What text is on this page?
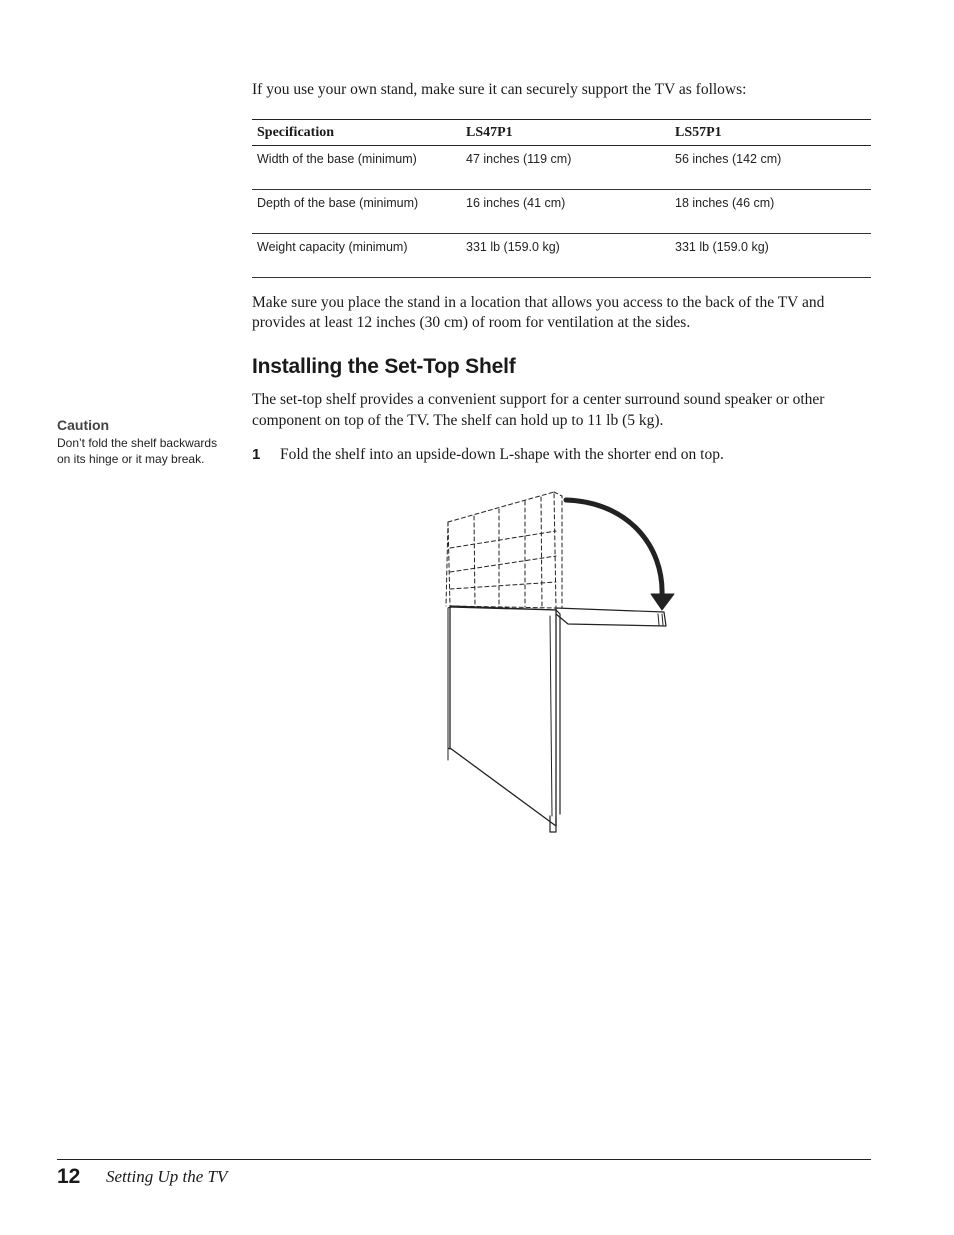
If you use your own stand, make sure it can securely support the TV as follows:

Specification	LS47P1	LS57P1
Width of the base (minimum)	47 inches (119 cm)	56 inches (142 cm)
Depth of the base (minimum)	16 inches (41 cm)	18 inches (46 cm)
Weight capacity (minimum)	331 lb (159.0 kg)	331 lb (159.0 kg)

Make sure you place the stand in a location that allows you access to the back of the TV and provides at least 12 inches (30 cm) of room for ventilation at the sides.

Installing the Set-Top Shelf

The set-top shelf provides a convenient support for a center surround sound speaker or other component on top of the TV. The shelf can hold up to 11 lb (5 kg).

1 Fold the shelf into an upside-down L-shape with the shorter end on top.
Caution
Don’t fold the shelf backwards on its hinge or it may break.
12 Setting Up the TV
